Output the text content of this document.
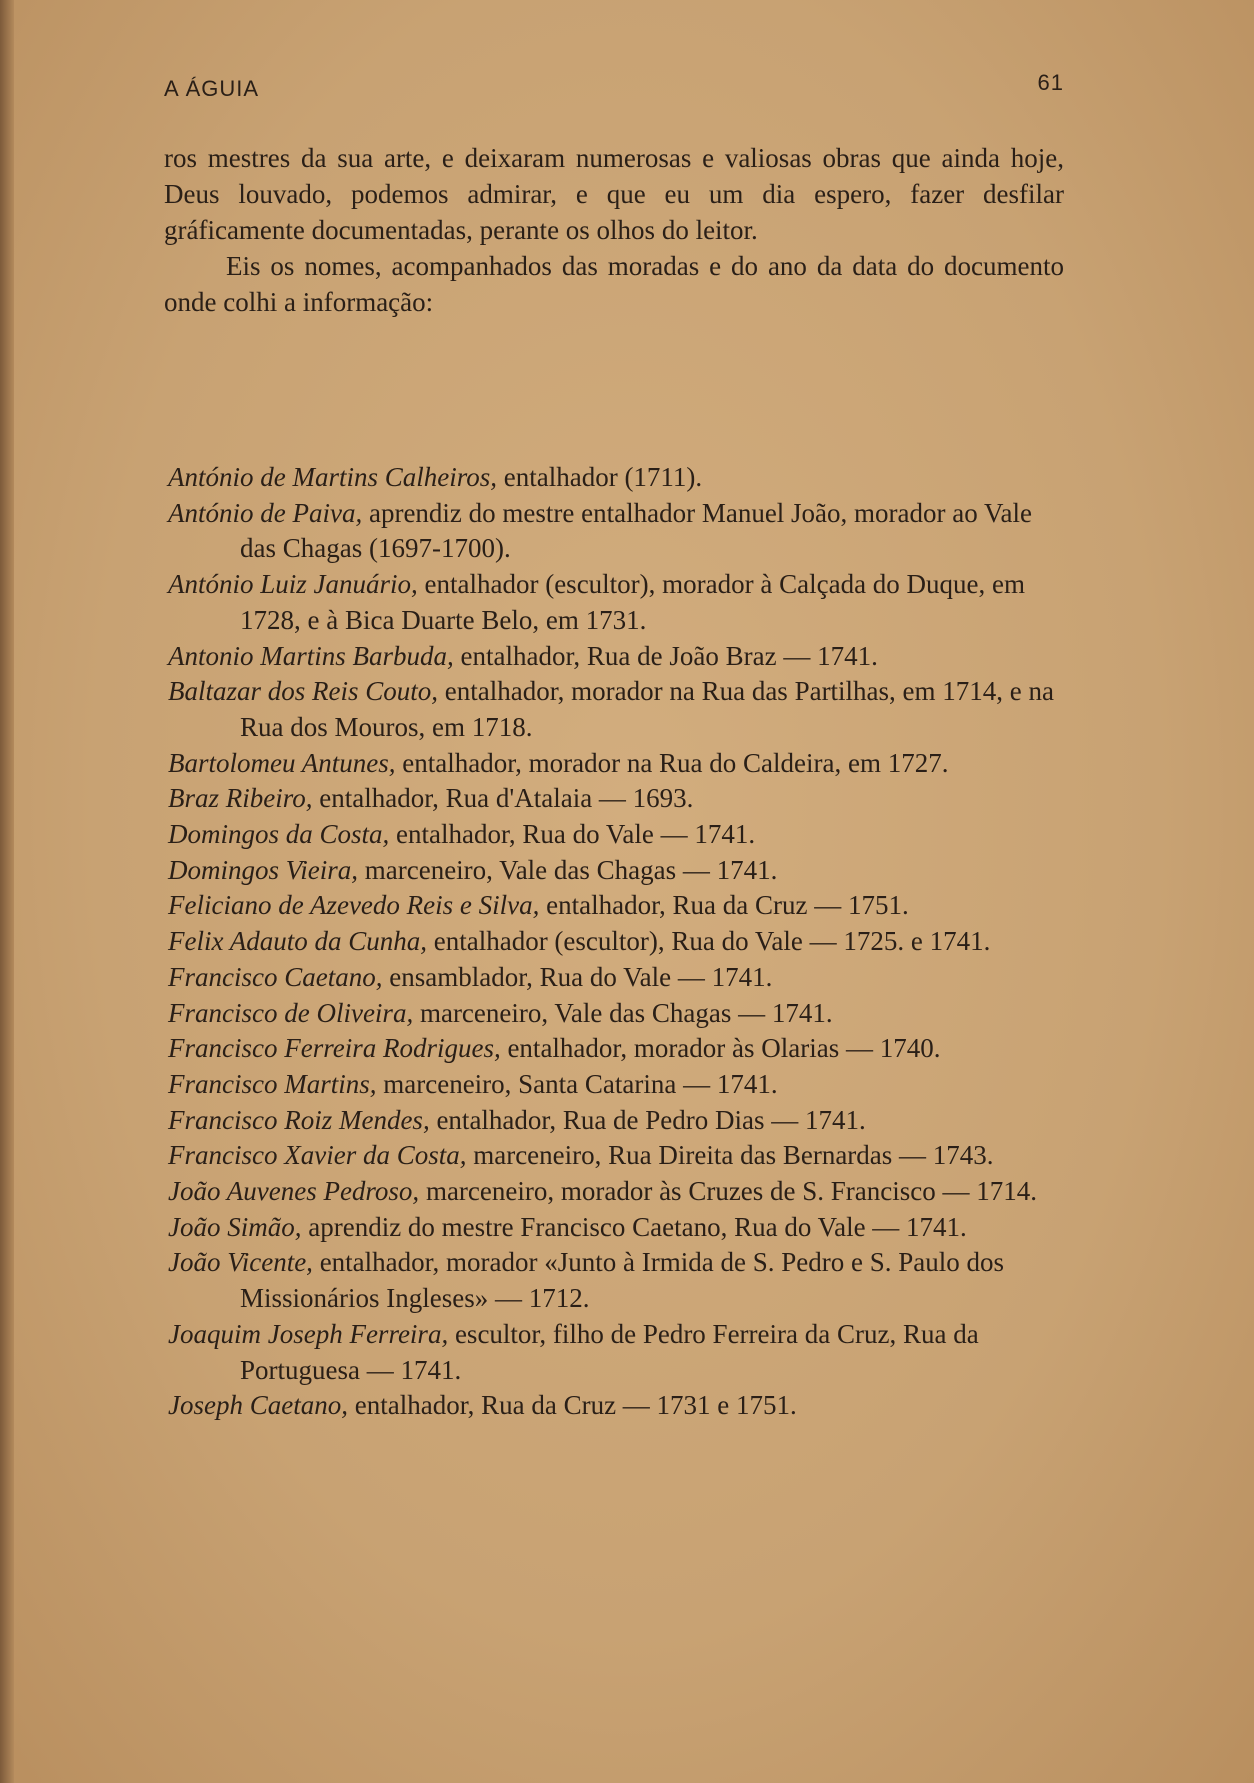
A ÁGUIA	61

ros mestres da sua arte, e deixaram numerosas e valiosas obras que ainda hoje, Deus louvado, podemos admirar, e que eu um dia espero, fazer desfilar gráficamente documentadas, perante os olhos do leitor.

Eis os nomes, acompanhados das moradas e do ano da data do documento onde colhi a informação:

António de Martins Calheiros, entalhador (1711).

António de Paiva, aprendiz do mestre entalhador Manuel João, morador ao Vale das Chagas (1697-1700).

António Luiz Januário, entalhador (escultor), morador à Calçada do Duque, em 1728, e à Bica Duarte Belo, em 1731.

Antonio Martins Barbuda, entalhador, Rua de João Braz — 1741.

Baltazar dos Reis Couto, entalhador, morador na Rua das Partilhas, em 1714, e na Rua dos Mouros, em 1718.

Bartolomeu Antunes, entalhador, morador na Rua do Caldeira, em 1727.

Braz Ribeiro, entalhador, Rua d'Atalaia — 1693.

Domingos da Costa, entalhador, Rua do Vale — 1741.

Domingos Vieira, marceneiro, Vale das Chagas — 1741.

Feliciano de Azevedo Reis e Silva, entalhador, Rua da Cruz — 1751.

Felix Adauto da Cunha, entalhador (escultor), Rua do Vale — 1725. e 1741.

Francisco Caetano, ensamblador, Rua do Vale — 1741.

Francisco de Oliveira, marceneiro, Vale das Chagas — 1741.

Francisco Ferreira Rodrigues, entalhador, morador às Olarias — 1740.

Francisco Martins, marceneiro, Santa Catarina — 1741.

Francisco Roiz Mendes, entalhador, Rua de Pedro Dias — 1741.

Francisco Xavier da Costa, marceneiro, Rua Direita das Bernardas — 1743.

João Auvenes Pedroso, marceneiro, morador às Cruzes de S. Francisco — 1714.

João Simão, aprendiz do mestre Francisco Caetano, Rua do Vale — 1741.

João Vicente, entalhador, morador «Junto à Irmida de S. Pedro e S. Paulo dos Missionários Ingleses» — 1712.

Joaquim Joseph Ferreira, escultor, filho de Pedro Ferreira da Cruz, Rua da Portuguesa — 1741.

Joseph Caetano, entalhador, Rua da Cruz — 1731 e 1751.
